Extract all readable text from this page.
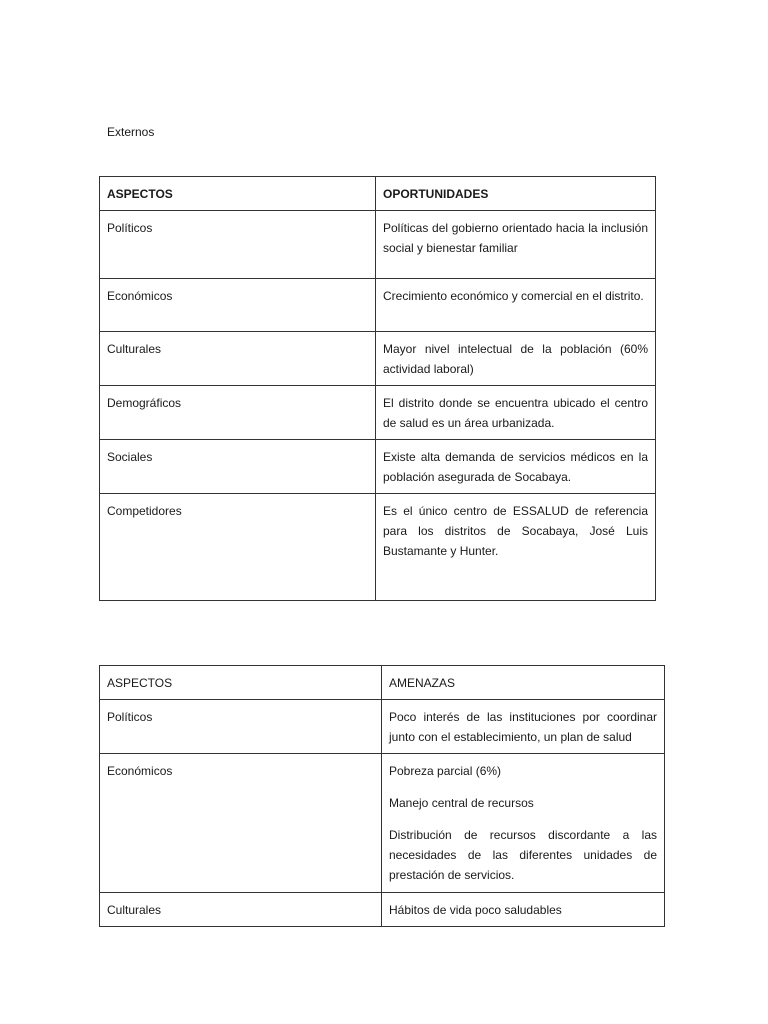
Externos
ASPECTOS	OPORTUNIDADES
Políticos	Políticas del gobierno orientado hacia la inclusión social y bienestar familiar
Económicos	Crecimiento económico y comercial en el distrito.
Culturales	Mayor nivel intelectual de la población (60% actividad laboral)
Demográficos	El distrito donde se encuentra ubicado el centro de salud es un área urbanizada.
Sociales	Existe alta demanda de servicios médicos en la población asegurada de Socabaya.
Competidores	Es el único centro de ESSALUD de referencia para los distritos de Socabaya, José Luis Bustamante y Hunter.
ASPECTOS	AMENAZAS
Políticos	Poco interés de las instituciones por coordinar junto con el establecimiento, un plan de salud
Económicos	Pobreza parcial (6%)

Manejo central de recursos

Distribución de recursos discordante a las necesidades de las diferentes unidades de prestación de servicios.

Culturales	Hábitos de vida poco saludables
